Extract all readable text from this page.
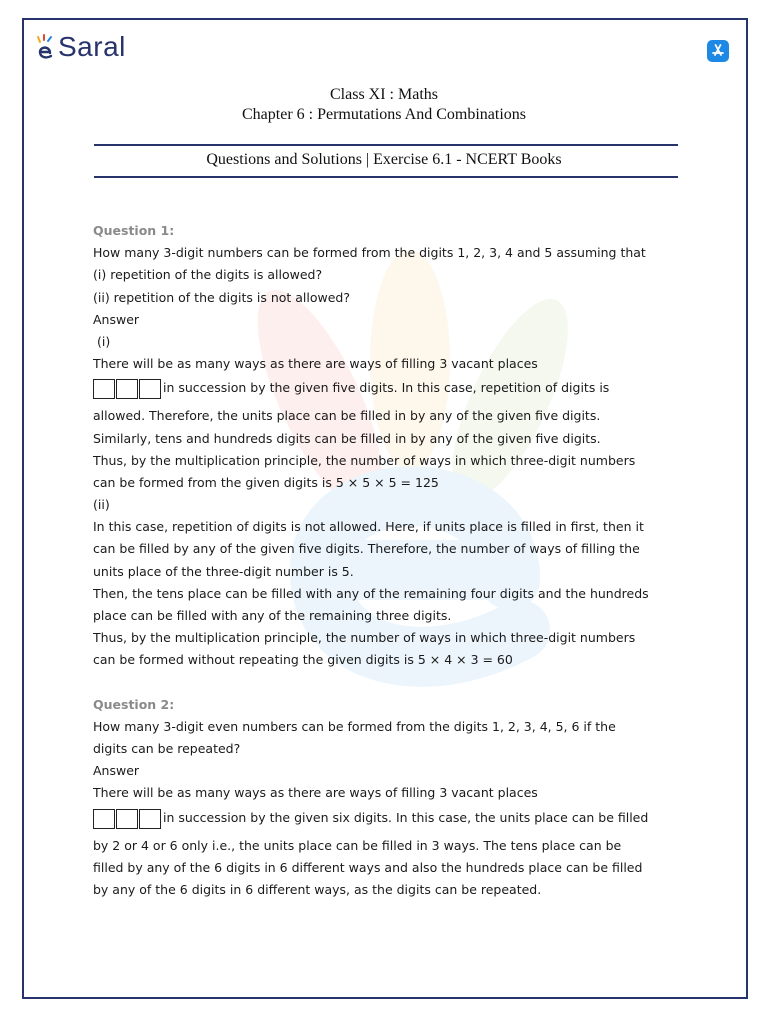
Saral
Class XI : Maths
Chapter 6 : Permutations And Combinations
Questions and Solutions | Exercise 6.1 - NCERT Books
Question 1:
How many 3-digit numbers can be formed from the digits 1, 2, 3, 4 and 5 assuming that
(i) repetition of the digits is allowed?
(ii) repetition of the digits is not allowed?
Answer
(i)
There will be as many ways as there are ways of filling 3 vacant places
in succession by the given five digits. In this case, repetition of digits is
allowed. Therefore, the units place can be filled in by any of the given five digits.
Similarly, tens and hundreds digits can be filled in by any of the given five digits.
Thus, by the multiplication principle, the number of ways in which three-digit numbers
can be formed from the given digits is 5 × 5 × 5 = 125
(ii)
In this case, repetition of digits is not allowed. Here, if units place is filled in first, then it
can be filled by any of the given five digits. Therefore, the number of ways of filling the
units place of the three-digit number is 5.
Then, the tens place can be filled with any of the remaining four digits and the hundreds
place can be filled with any of the remaining three digits.
Thus, by the multiplication principle, the number of ways in which three-digit numbers
can be formed without repeating the given digits is 5 × 4 × 3 = 60
Question 2:
How many 3-digit even numbers can be formed from the digits 1, 2, 3, 4, 5, 6 if the
digits can be repeated?
Answer
There will be as many ways as there are ways of filling 3 vacant places
in succession by the given six digits. In this case, the units place can be filled
by 2 or 4 or 6 only i.e., the units place can be filled in 3 ways. The tens place can be
filled by any of the 6 digits in 6 different ways and also the hundreds place can be filled
by any of the 6 digits in 6 different ways, as the digits can be repeated.
